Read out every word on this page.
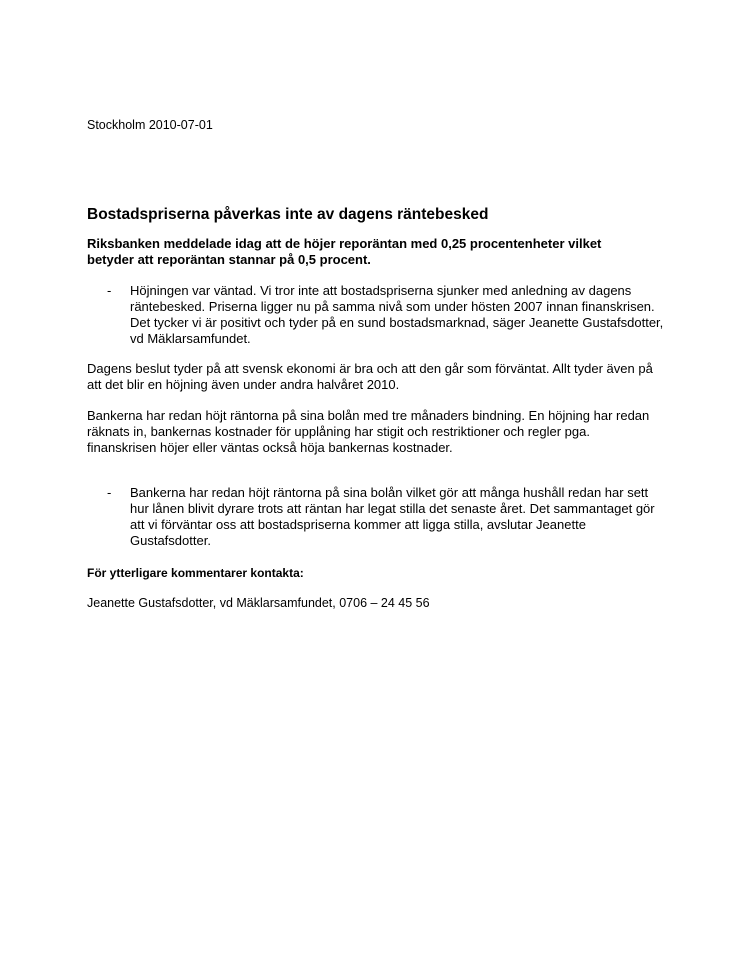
Stockholm 2010-07-01

Bostadspriserna påverkas inte av dagens räntebesked

Riksbanken meddelade idag att de höjer reporäntan med 0,25 procentenheter vilket betyder att reporäntan stannar på 0,5 procent.

-	Höjningen var väntad. Vi tror inte att bostadspriserna sjunker med anledning av dagens räntebesked. Priserna ligger nu på samma nivå som under hösten 2007 innan finanskrisen. Det tycker vi är positivt och tyder på en sund bostadsmarknad, säger Jeanette Gustafsdotter, vd Mäklarsamfundet.

Dagens beslut tyder på att svensk ekonomi är bra och att den går som förväntat. Allt tyder även på att det blir en höjning även under andra halvåret 2010.

Bankerna har redan höjt räntorna på sina bolån med tre månaders bindning. En höjning har redan räknats in, bankernas kostnader för upplåning har stigit och restriktioner och regler pga. finanskrisen höjer eller väntas också höja bankernas kostnader.

-	Bankerna har redan höjt räntorna på sina bolån vilket gör att många hushåll redan har sett hur lånen blivit dyrare trots att räntan har legat stilla det senaste året. Det sammantaget gör att vi förväntar oss att bostadspriserna kommer att ligga stilla, avslutar Jeanette Gustafsdotter.

För ytterligare kommentarer kontakta:

Jeanette Gustafsdotter, vd Mäklarsamfundet, 0706 – 24 45 56
